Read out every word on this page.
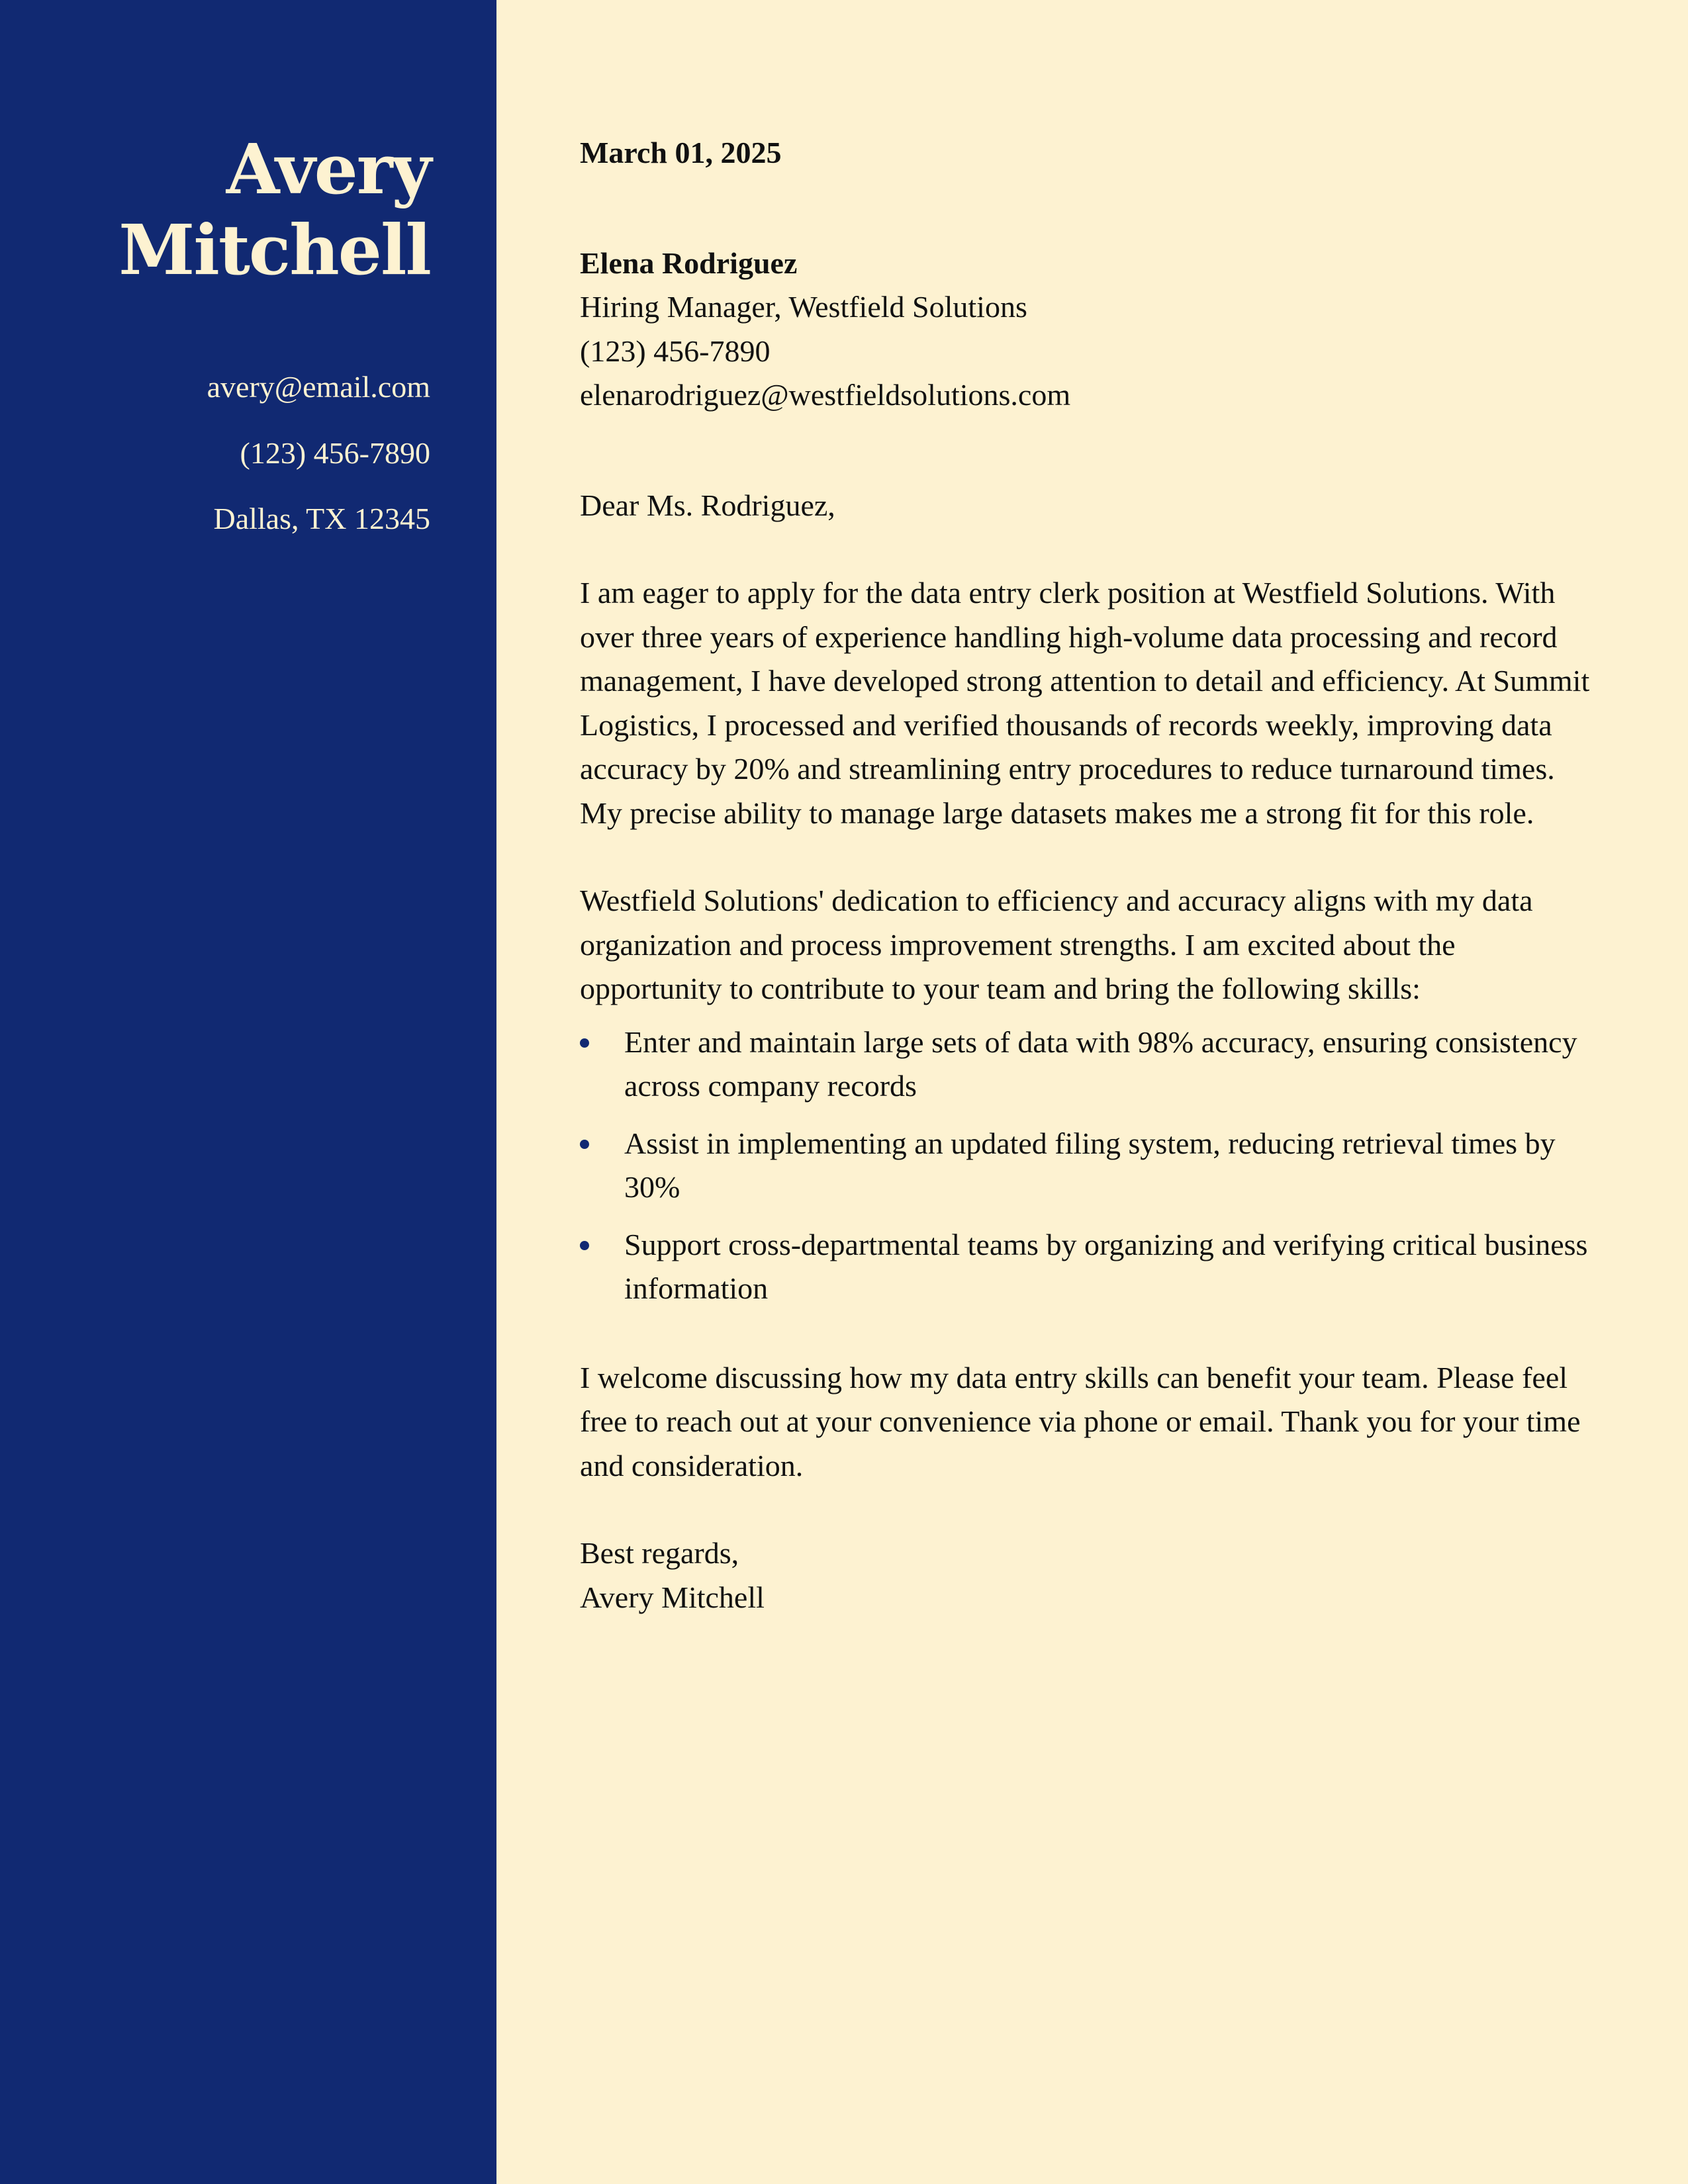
Avery
Mitchell
avery@email.com
(123) 456-7890
Dallas, TX 12345

March 01, 2025

Elena Rodriguez
Hiring Manager, Westfield Solutions
(123) 456-7890
elenarodriguez@westfieldsolutions.com

Dear Ms. Rodriguez,

I am eager to apply for the data entry clerk position at Westfield Solutions. With over three years of experience handling high-volume data processing and record management, I have developed strong attention to detail and efficiency. At Summit Logistics, I processed and verified thousands of records weekly, improving data accuracy by 20% and streamlining entry procedures to reduce turnaround times. My precise ability to manage large datasets makes me a strong fit for this role.

Westfield Solutions' dedication to efficiency and accuracy aligns with my data organization and process improvement strengths. I am excited about the opportunity to contribute to your team and bring the following skills:

Enter and maintain large sets of data with 98% accuracy, ensuring consistency across company records
Assist in implementing an updated filing system, reducing retrieval times by 30%
Support cross-departmental teams by organizing and verifying critical business information

I welcome discussing how my data entry skills can benefit your team. Please feel free to reach out at your convenience via phone or email. Thank you for your time and consideration.

Best regards,
Avery Mitchell
